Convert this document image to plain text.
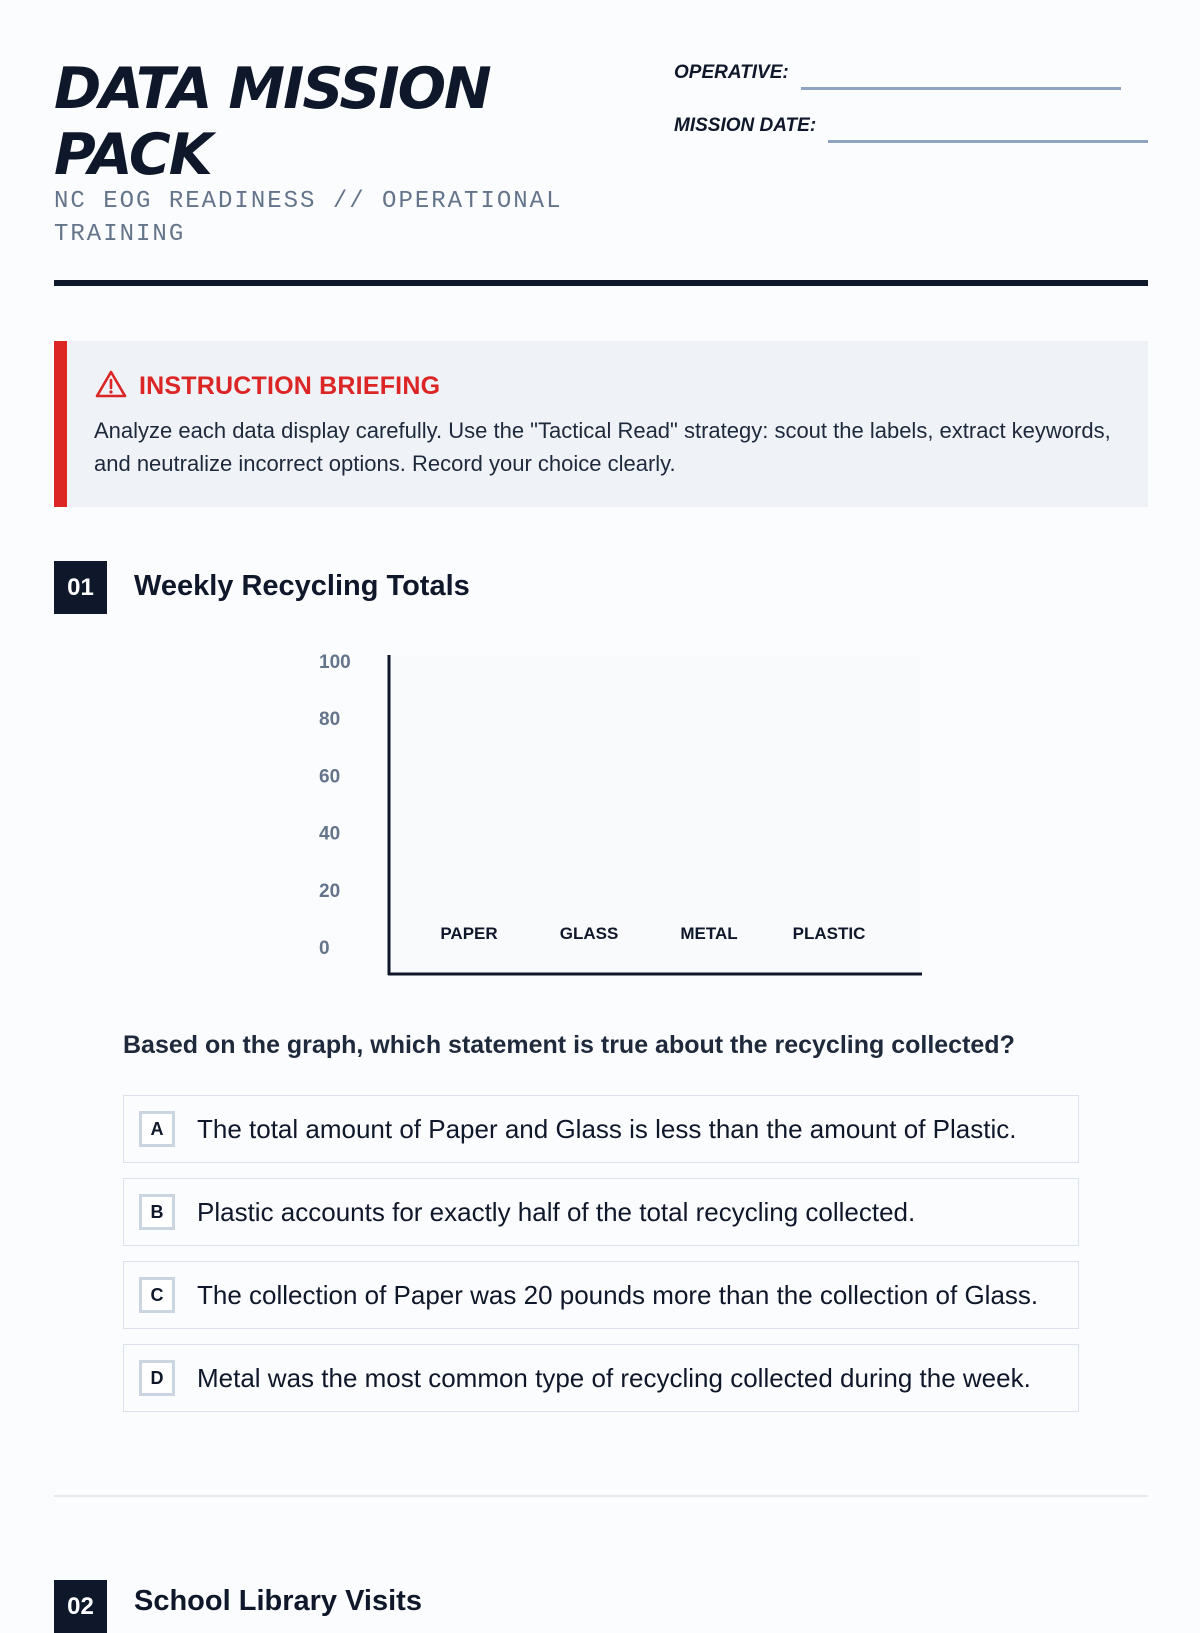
DATA MISSION PACK
NC EOG READINESS // OPERATIONAL TRAINING
OPERATIVE:
MISSION DATE:
INSTRUCTION BRIEFING
Analyze each data display carefully. Use the "Tactical Read" strategy: scout the labels, extract keywords, and neutralize incorrect options. Record your choice clearly.
01	Weekly Recycling Totals
0
20
40
60
80
100
PAPER	GLASS	METAL	PLASTIC
Based on the graph, which statement is true about the recycling collected?
A	The total amount of Paper and Glass is less than the amount of Plastic.
B	Plastic accounts for exactly half of the total recycling collected.
C	The collection of Paper was 20 pounds more than the collection of Glass.
D	Metal was the most common type of recycling collected during the week.
02	School Library Visits
